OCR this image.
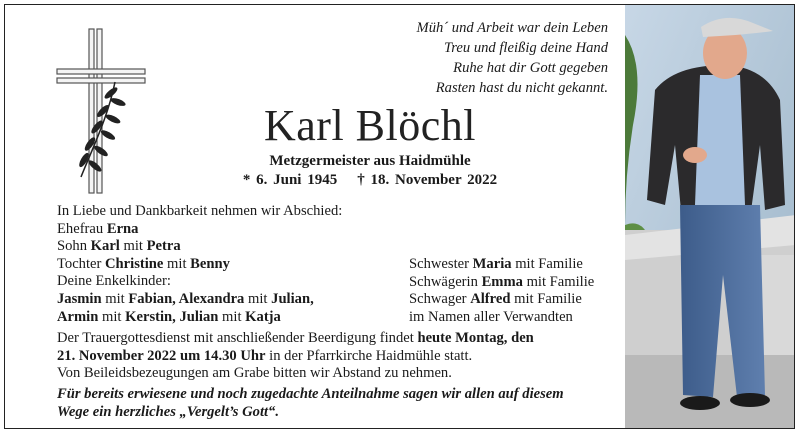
Müh´ und Arbeit war dein Leben
Treu und fleißig deine Hand
Ruhe hat dir Gott gegeben
Rasten hast du nicht gekannt.
Karl Blöchl
Metzgermeister aus Haidmühle
* 6. Juni 1945 † 18. November 2022
In Liebe und Dankbarkeit nehmen wir Abschied:
Ehefrau Erna
Sohn Karl mit Petra
Tochter Christine mit Benny
Deine Enkelkinder:
Jasmin mit Fabian, Alexandra mit Julian,
Armin mit Kerstin, Julian mit Katja
Schwester Maria mit Familie
Schwägerin Emma mit Familie
Schwager Alfred mit Familie
im Namen aller Verwandten
Der Trauergottesdienst mit anschließender Beerdigung findet heute Montag, den
21. November 2022 um 14.30 Uhr in der Pfarrkirche Haidmühle statt.
Von Beileidsbezeugungen am Grabe bitten wir Abstand zu nehmen.
Für bereits erwiesene und noch zugedachte Anteilnahme sagen wir allen auf diesem
Wege ein herzliches „Vergelt’s Gott“.
